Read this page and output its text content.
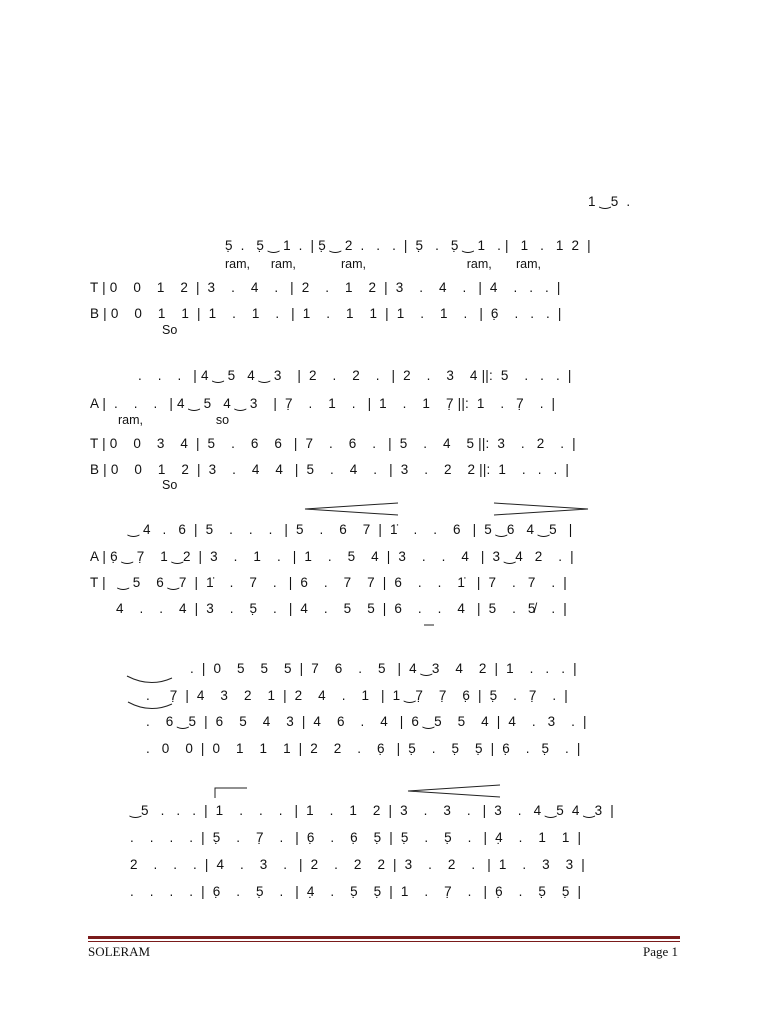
1 ‿5  .
5̣  .   5̣ ‿ 1  .  | 5̣ ‿ 2  .   .   .  |  5̣   .   5̣ ‿ 1   . |   1   .   1  2  |
ram,      ram,             ram,                             ram,       ram,
T | 0    0    1    2  |  3    .    4    .   |  2    .    1    2  |  3    .    4    .   |  4    .   .   .  |
B | 0    0    1    1  |  1    .    1    .   |  1    .    1    1  |  1    .    1    .   |  6̣    .   .   .  |
So
.    .    .   | 4 ‿ 5   4 ‿ 3    |  2    .    2    .   |  2    .    3    4 ||:  5    .   .   .  |
A |  .    .    .   | 4 ‿ 5   4 ‿ 3    |  7̣    .    1    .   |  1    .    1    7̣ ||:  1    .   7̣    .  |
ram,                     so
T | 0    0    3    4  |  5    .    6    6   |  7    .    6    .   |  5    .    4    5 ||:  3    .   2    .  |
B | 0    0    1    2  |  3    .    4    4   |  5    .    4    .   |  3    .    2    2 ||:  1    .   .   .  |
So
‿ 4   .   6  |  5    .    .    .   |  5    .    6    7  |  1̇    .    .    6   |  5 ‿6   4 ‿5   |
A | 6̣ ‿ 7̣    1 ‿2  |  3    .    1    .   |  1    .    5    4  |  3    .    .    4   |  3 ‿4   2    .  |
T |   ‿ 5    6 ‿7  |  1̇    .    7    .   |  6    .    7    7  |  6    .    .    1̇   |  7    .   7    .  |
4    .    .    4  |  3    .    5̣    .   |  4    .    5    5  |  6    .    .    4   |  5    .   5̸    .  |
.  |  0    5    5    5  |  7    6    .    5   |  4 ‿3    4    2  |  1    .   .   .  |
.     7̣  |  4    3    2    1  |  2    4    .    1   |  1 ‿7̣    7̣    6̣  |  5̣    .   7̣    .  |
.    6 ‿5  |  6    5    4    3  |  4    6    .    4   |  6 ‿5    5    4  |  4    .   3    .  |
.   0    0  |  0    1    1    1  |  2    2    .    6̣   |  5̣    .    5̣    5̣  |  6̣    .   5̣    .  |
‿5   .   .   .  |  1    .    .    .   |  1    .    1    2  |  3    .    3    .   |  3    .   4 ‿5  4 ‿3  |
.    .    .    .  |  5̣    .    7̣    .   |  6̣    .    6̣    5̣  |  5̣    .    5̣    .   |  4̣    .    1    1  |
2    .    .    .  |  4    .    3    .   |  2    .    2    2  |  3    .    2    .   |  1    .    3    3  |
.    .    .    .  |  6̣    .    5̣    .   |  4̣    .    5̣    5̣  |  1    .    7̣    .   |  6̣    .    5̣    5̣  |
SOLERAM	Page 1
